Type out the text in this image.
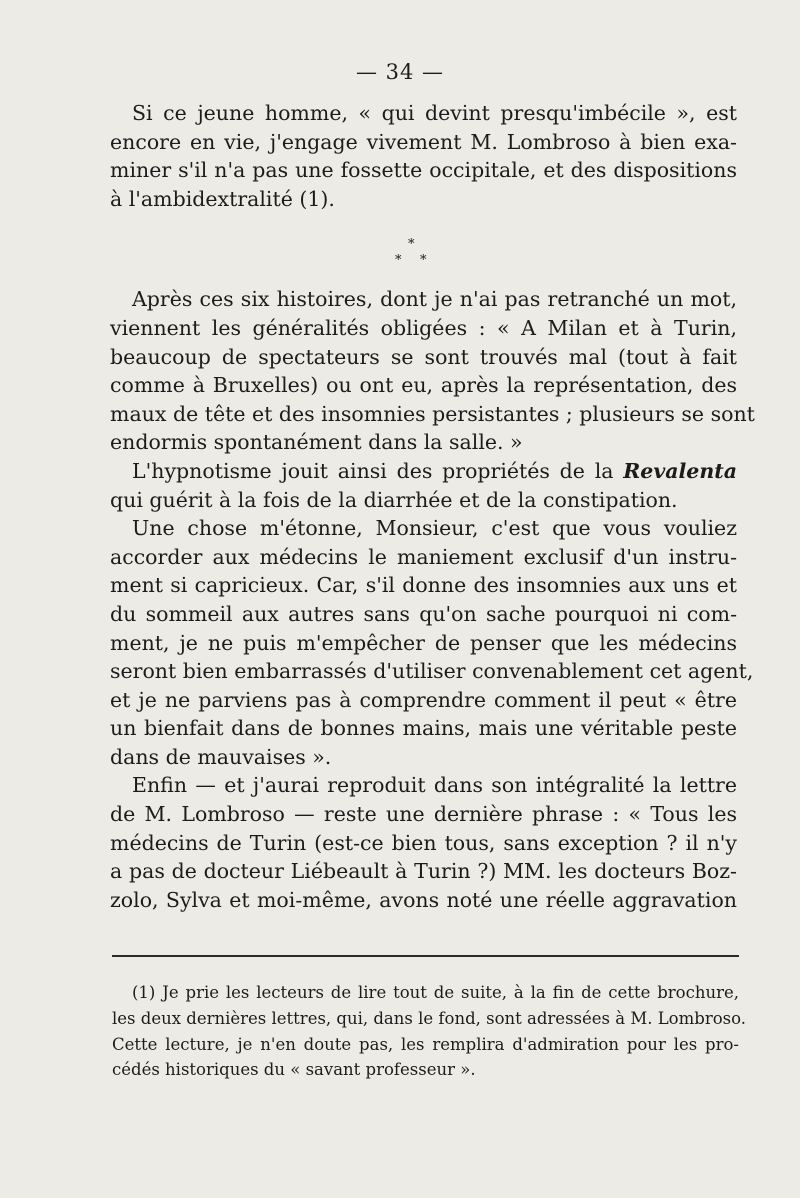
— 34 —
Si ce jeune homme, « qui devint presqu'imbécile », est
encore en vie, j'engage vivement M. Lombroso à bien exa-
miner s'il n'a pas une fossette occipitale, et des dispositions
à l'ambidextralité (1).
Après ces six histoires, dont je n'ai pas retranché un mot,
viennent les généralités obligées : « A Milan et à Turin,
beaucoup de spectateurs se sont trouvés mal (tout à fait
comme à Bruxelles) ou ont eu, après la représentation, des
maux de tête et des insomnies persistantes ; plusieurs se sont
endormis spontanément dans la salle. »
L'hypnotisme jouit ainsi des propriétés de la Revalenta
qui guérit à la fois de la diarrhée et de la constipation.
Une chose m'étonne, Monsieur, c'est que vous vouliez
accorder aux médecins le maniement exclusif d'un instru-
ment si capricieux. Car, s'il donne des insomnies aux uns et
du sommeil aux autres sans qu'on sache pourquoi ni com-
ment, je ne puis m'empêcher de penser que les médecins
seront bien embarrassés d'utiliser convenablement cet agent,
et je ne parviens pas à comprendre comment il peut « être
un bienfait dans de bonnes mains, mais une véritable peste
dans de mauvaises ».
Enfin — et j'aurai reproduit dans son intégralité la lettre
de M. Lombroso — reste une dernière phrase : « Tous les
médecins de Turin (est-ce bien tous, sans exception ? il n'y
a pas de docteur Liébeault à Turin ?) MM. les docteurs Boz-
zolo, Sylva et moi-même, avons noté une réelle aggravation
*
* *
(1) Je prie les lecteurs de lire tout de suite, à la fin de cette brochure,
les deux dernières lettres, qui, dans le fond, sont adressées à M. Lombroso.
Cette lecture, je n'en doute pas, les remplira d'admiration pour les pro-
cédés historiques du « savant professeur ».
